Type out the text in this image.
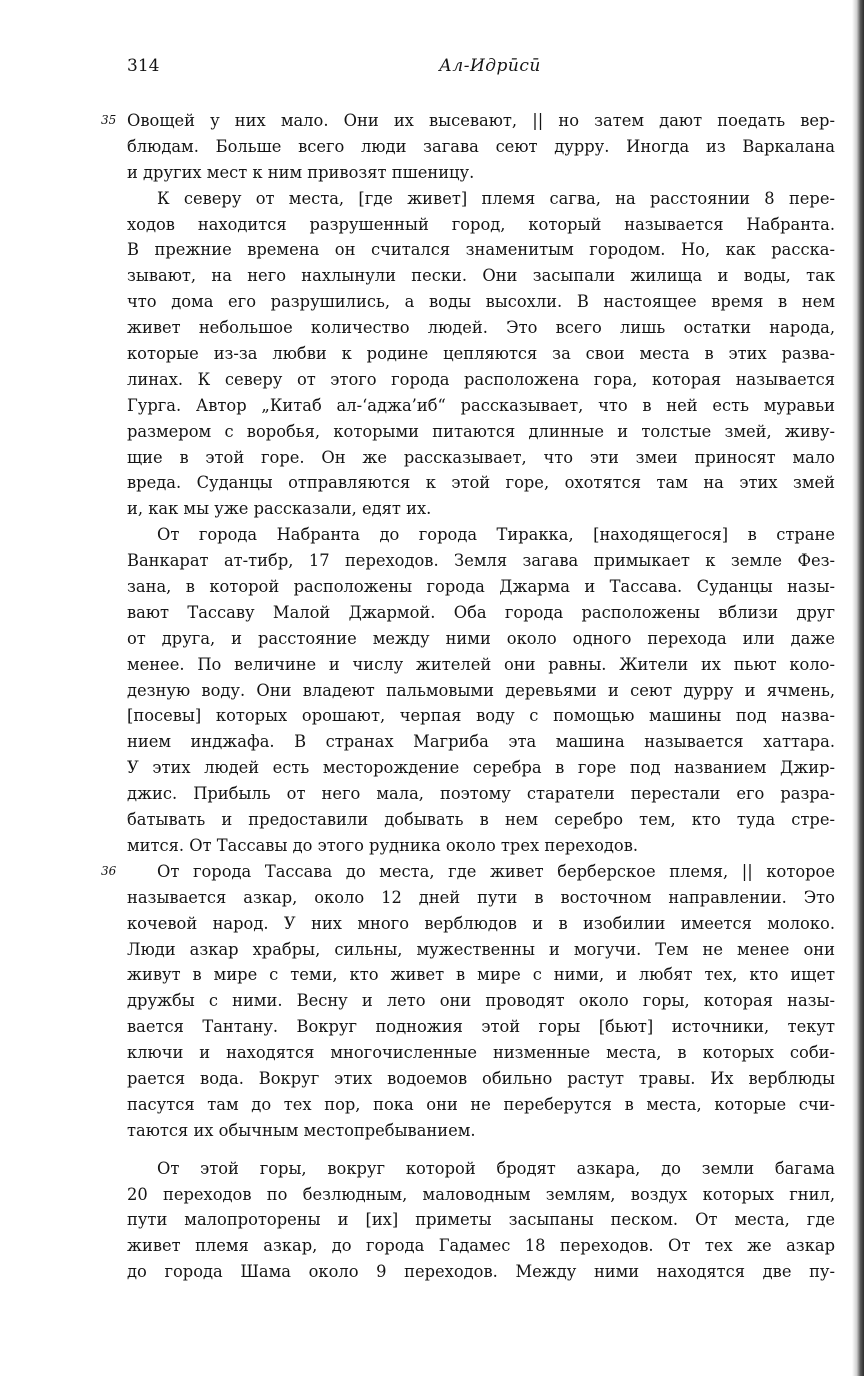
314	Ал-Идрӣсӣ
35 Овощей у них мало. Они их высевают, || но затем дают поедать вер-
блюдам. Больше всего люди загава сеют дурру. Иногда из Варкалана
и других мест к ним привозят пшеницу.
К северу от места, [где живет] племя сагва, на расстоянии 8 пере-
ходов находится разрушенный город, который называется Набранта.
В прежние времена он считался знаменитым городом. Но, как расска-
зывают, на него нахлынули пески. Они засыпали жилища и воды, так
что дома его разрушились, а воды высохли. В настоящее время в нем
живет небольшое количество людей. Это всего лишь остатки народа,
которые из-за любви к родине цепляются за свои места в этих разва-
линах. К северу от этого города расположена гора, которая называется
Гурга. Автор „Китаб ал-‘аджа’иб“ рассказывает, что в ней есть муравьи
размером с воробья, которыми питаются длинные и толстые змей, живу-
щие в этой горе. Он же рассказывает, что эти змеи приносят мало
вреда. Суданцы отправляются к этой горе, охотятся там на этих змей
и, как мы уже рассказали, едят их.
От города Набранта до города Тиракка, [находящегося] в стране
Ванкарат ат-тибр, 17 переходов. Земля загава примыкает к земле Фез-
зана, в которой расположены города Джарма и Тассава. Суданцы назы-
вают Тассаву Малой Джармой. Оба города расположены вблизи друг
от друга, и расстояние между ними около одного перехода или даже
менее. По величине и числу жителей они равны. Жители их пьют коло-
дезную воду. Они владеют пальмовыми деревьями и сеют дурру и ячмень,
[посевы] которых орошают, черпая воду с помощью машины под назва-
нием инджафа. В странах Магриба эта машина называется хаттара.
У этих людей есть месторождение серебра в горе под названием Джир-
джис. Прибыль от него мала, поэтому старатели перестали его разра-
батывать и предоставили добывать в нем серебро тем, кто туда стре-
мится. От Тассавы до этого рудника около трех переходов.
36 От города Тассава до места, где живет берберское племя, || которое
называется азкар, около 12 дней пути в восточном направлении. Это
кочевой народ. У них много верблюдов и в изобилии имеется молоко.
Люди азкар храбры, сильны, мужественны и могучи. Тем не менее они
живут в мире с теми, кто живет в мире с ними, и любят тех, кто ищет
дружбы с ними. Весну и лето они проводят около горы, которая назы-
вается Тантану. Вокруг подножия этой горы [бьют] источники, текут
ключи и находятся многочисленные низменные места, в которых соби-
рается вода. Вокруг этих водоемов обильно растут травы. Их верблюды
пасутся там до тех пор, пока они не переберутся в места, которые счи-
таются их обычным местопребыванием.
От этой горы, вокруг которой бродят азкара, до земли багама
20 переходов по безлюдным, маловодным землям, воздух которых гнил,
пути малопроторены и [их] приметы засыпаны песком. От места, где
живет племя азкар, до города Гадамес 18 переходов. От тех же азкар
до города Шама около 9 переходов. Между ними находятся две пу-
